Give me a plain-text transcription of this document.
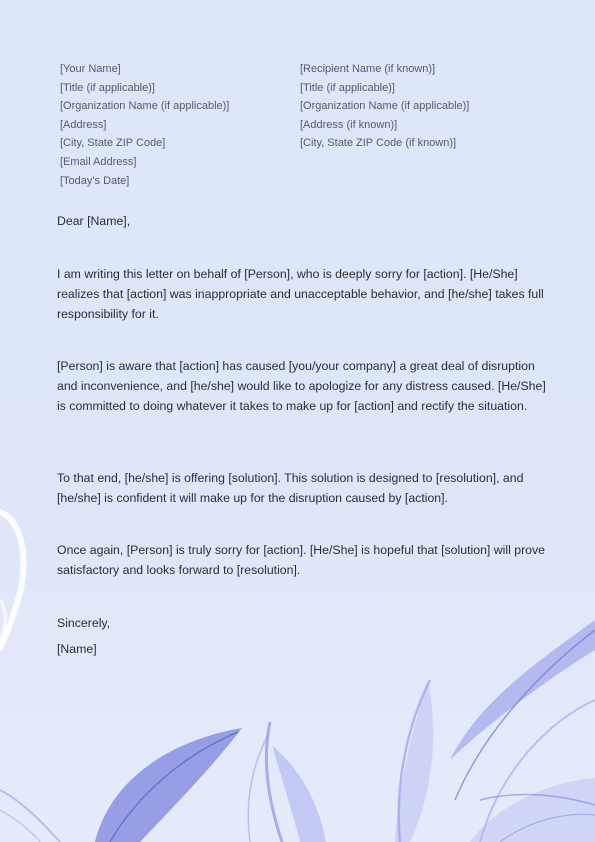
[Your Name]
[Title (if applicable)]
[Organization Name (if applicable)]
[Address]
[City, State ZIP Code]
[Email Address]
[Today's Date]
[Recipient Name (if known)]
[Title (if applicable)]
[Organization Name (if applicable)]
[Address (if known)]
[City, State ZIP Code (if known)]

Dear [Name],

I am writing this letter on behalf of [Person], who is deeply sorry for [action]. [He/She] realizes that [action] was inappropriate and unacceptable behavior, and [he/she] takes full responsibility for it.

[Person] is aware that [action] has caused [you/your company] a great deal of disruption and inconvenience, and [he/she] would like to apologize for any distress caused. [He/She] is committed to doing whatever it takes to make up for [action] and rectify the situation.

To that end, [he/she] is offering [solution]. This solution is designed to [resolution], and [he/she] is confident it will make up for the disruption caused by [action].

Once again, [Person] is truly sorry for [action]. [He/She] is hopeful that [solution] will prove satisfactory and looks forward to [resolution].

Sincerely,

[Name]
